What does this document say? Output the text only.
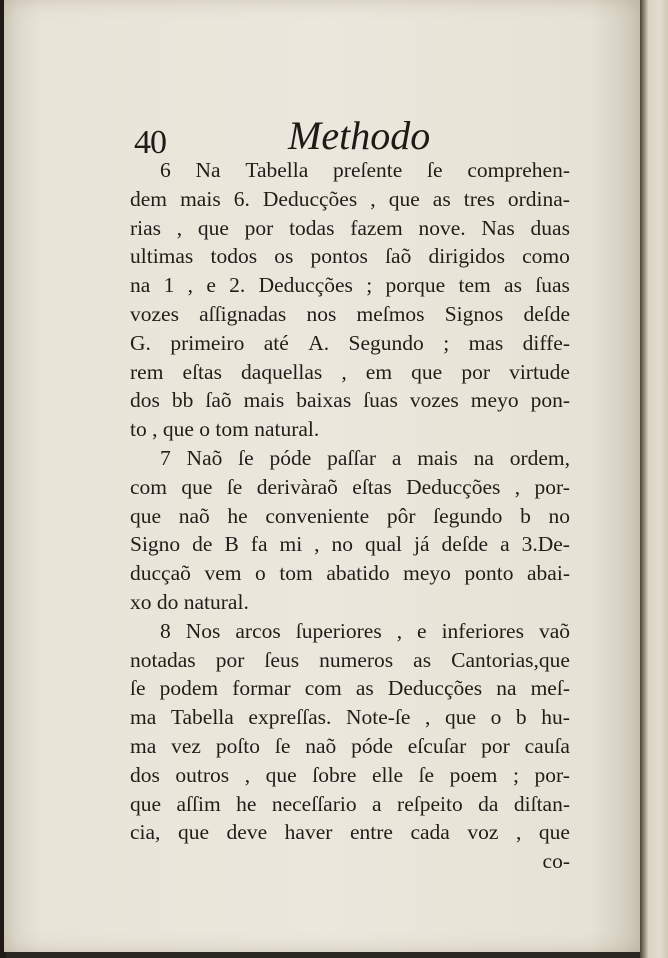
40	Methodo
6 Na Tabella preſente ſe comprehen-
dem mais 6. Deducções , que as tres ordina-
rias , que por todas fazem nove. Nas duas
ultimas todos os pontos ſaõ dirigidos como
na 1 , e 2. Deducções ; porque tem as ſuas
vozes aſſignadas nos meſmos Signos deſde
G. primeiro até A. Segundo ; mas diffe-
rem eſtas daquellas , em que por virtude
dos bb ſaõ mais baixas ſuas vozes meyo pon-
to , que o tom natural.
7 Naõ ſe póde paſſar a mais na ordem,
com que ſe derivàraõ eſtas Deducções , por-
que naõ he conveniente pôr ſegundo b no
Signo de B fa mi , no qual já deſde a 3.De-
ducçaõ vem o tom abatido meyo ponto abai-
xo do natural.
8 Nos arcos ſuperiores , e inferiores vaõ
notadas por ſeus numeros as Cantorias,que
ſe podem formar com as Deducções na meſ-
ma Tabella expreſſas. Note-ſe , que o b hu-
ma vez poſto ſe naõ póde eſcuſar por cauſa
dos outros , que ſobre elle ſe poem ; por-
que aſſim he neceſſario a reſpeito da diſtan-
cia, que deve haver entre cada voz , que
co-
